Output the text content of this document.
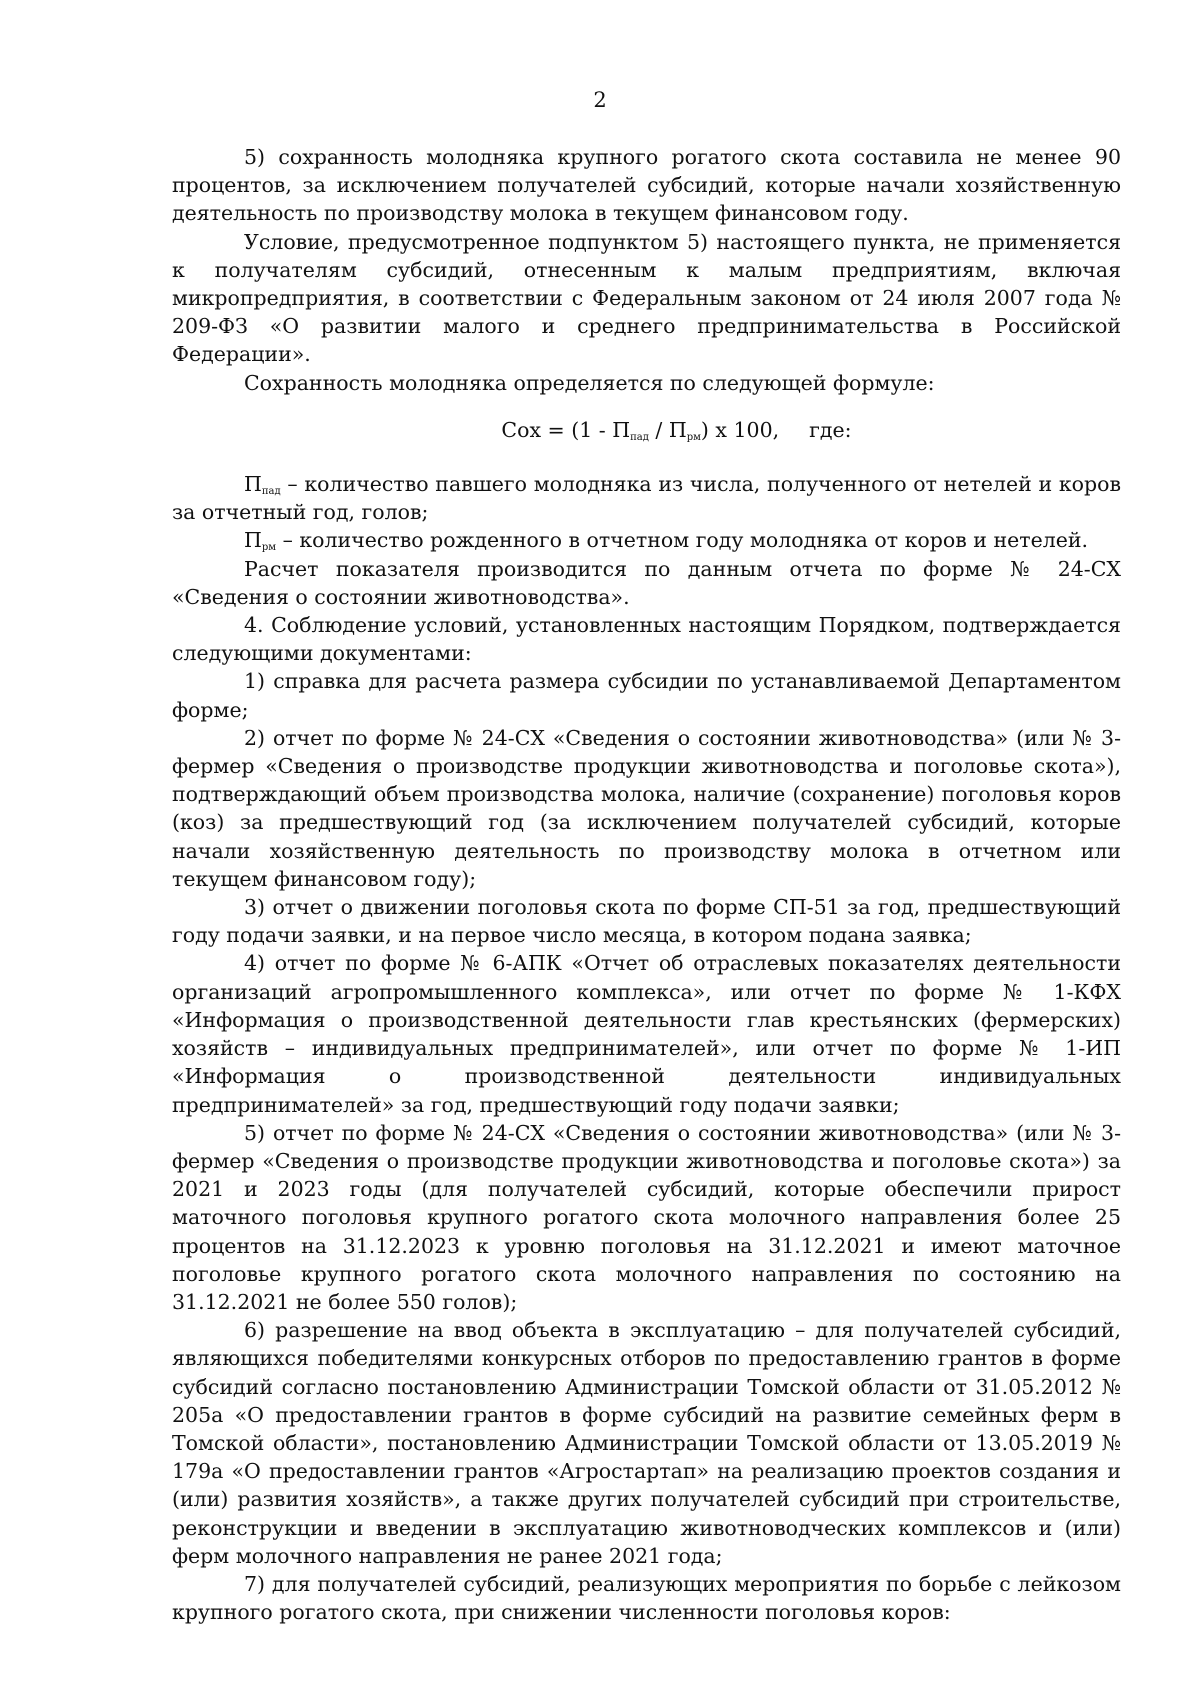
2

5) сохранность молодняка крупного рогатого скота составила не менее 90 процентов, за исключением получателей субсидий, которые начали хозяйственную деятельность по производству молока в текущем финансовом году.

Условие, предусмотренное подпунктом 5) настоящего пункта, не применяется к получателям субсидий, отнесенным к малым предприятиям, включая микропредприятия, в соответствии с Федеральным законом от 24 июля 2007 года № 209-ФЗ «О развитии малого и среднего предпринимательства в Российской Федерации».

Сохранность молодняка определяется по следующей формуле:

Сох = $(1 - П_{пад} / П_{рм})$ х 100, где:

$П_{пад}$ – количество павшего молодняка из числа, полученного от нетелей и коров за отчетный год, голов;

$П_{рм}$ – количество рожденного в отчетном году молодняка от коров и нетелей.

Расчет показателя производится по данным отчета по форме № 24-СХ «Сведения о состоянии животноводства».

4. Соблюдение условий, установленных настоящим Порядком, подтверждается следующими документами:

1) справка для расчета размера субсидии по устанавливаемой Департаментом форме;

2) отчет по форме № 24-СХ «Сведения о состоянии животноводства» (или № 3-фермер «Сведения о производстве продукции животноводства и поголовье скота»), подтверждающий объем производства молока, наличие (сохранение) поголовья коров (коз) за предшествующий год (за исключением получателей субсидий, которые начали хозяйственную деятельность по производству молока в отчетном или текущем финансовом году);

3) отчет о движении поголовья скота по форме СП-51 за год, предшествующий году подачи заявки, и на первое число месяца, в котором подана заявка;

4) отчет по форме № 6-АПК «Отчет об отраслевых показателях деятельности организаций агропромышленного комплекса», или отчет по форме № 1-КФХ «Информация о производственной деятельности глав крестьянских (фермерских) хозяйств – индивидуальных предпринимателей», или отчет по форме № 1-ИП «Информация о производственной деятельности индивидуальных предпринимателей» за год, предшествующий году подачи заявки;

5) отчет по форме № 24-СХ «Сведения о состоянии животноводства» (или № 3-фермер «Сведения о производстве продукции животноводства и поголовье скота») за 2021 и 2023 годы (для получателей субсидий, которые обеспечили прирост маточного поголовья крупного рогатого скота молочного направления более 25 процентов на 31.12.2023 к уровню поголовья на 31.12.2021 и имеют маточное поголовье крупного рогатого скота молочного направления по состоянию на 31.12.2021 не более 550 голов);

6) разрешение на ввод объекта в эксплуатацию – для получателей субсидий, являющихся победителями конкурсных отборов по предоставлению грантов в форме субсидий согласно постановлению Администрации Томской области от 31.05.2012 № 205а «О предоставлении грантов в форме субсидий на развитие семейных ферм в Томской области», постановлению Администрации Томской области от 13.05.2019 № 179а «О предоставлении грантов «Агростартап» на реализацию проектов создания и (или) развития хозяйств», а также других получателей субсидий при строительстве, реконструкции и введении в эксплуатацию животноводческих комплексов и (или) ферм молочного направления не ранее 2021 года;

7) для получателей субсидий, реализующих мероприятия по борьбе с лейкозом крупного рогатого скота, при снижении численности поголовья коров:
